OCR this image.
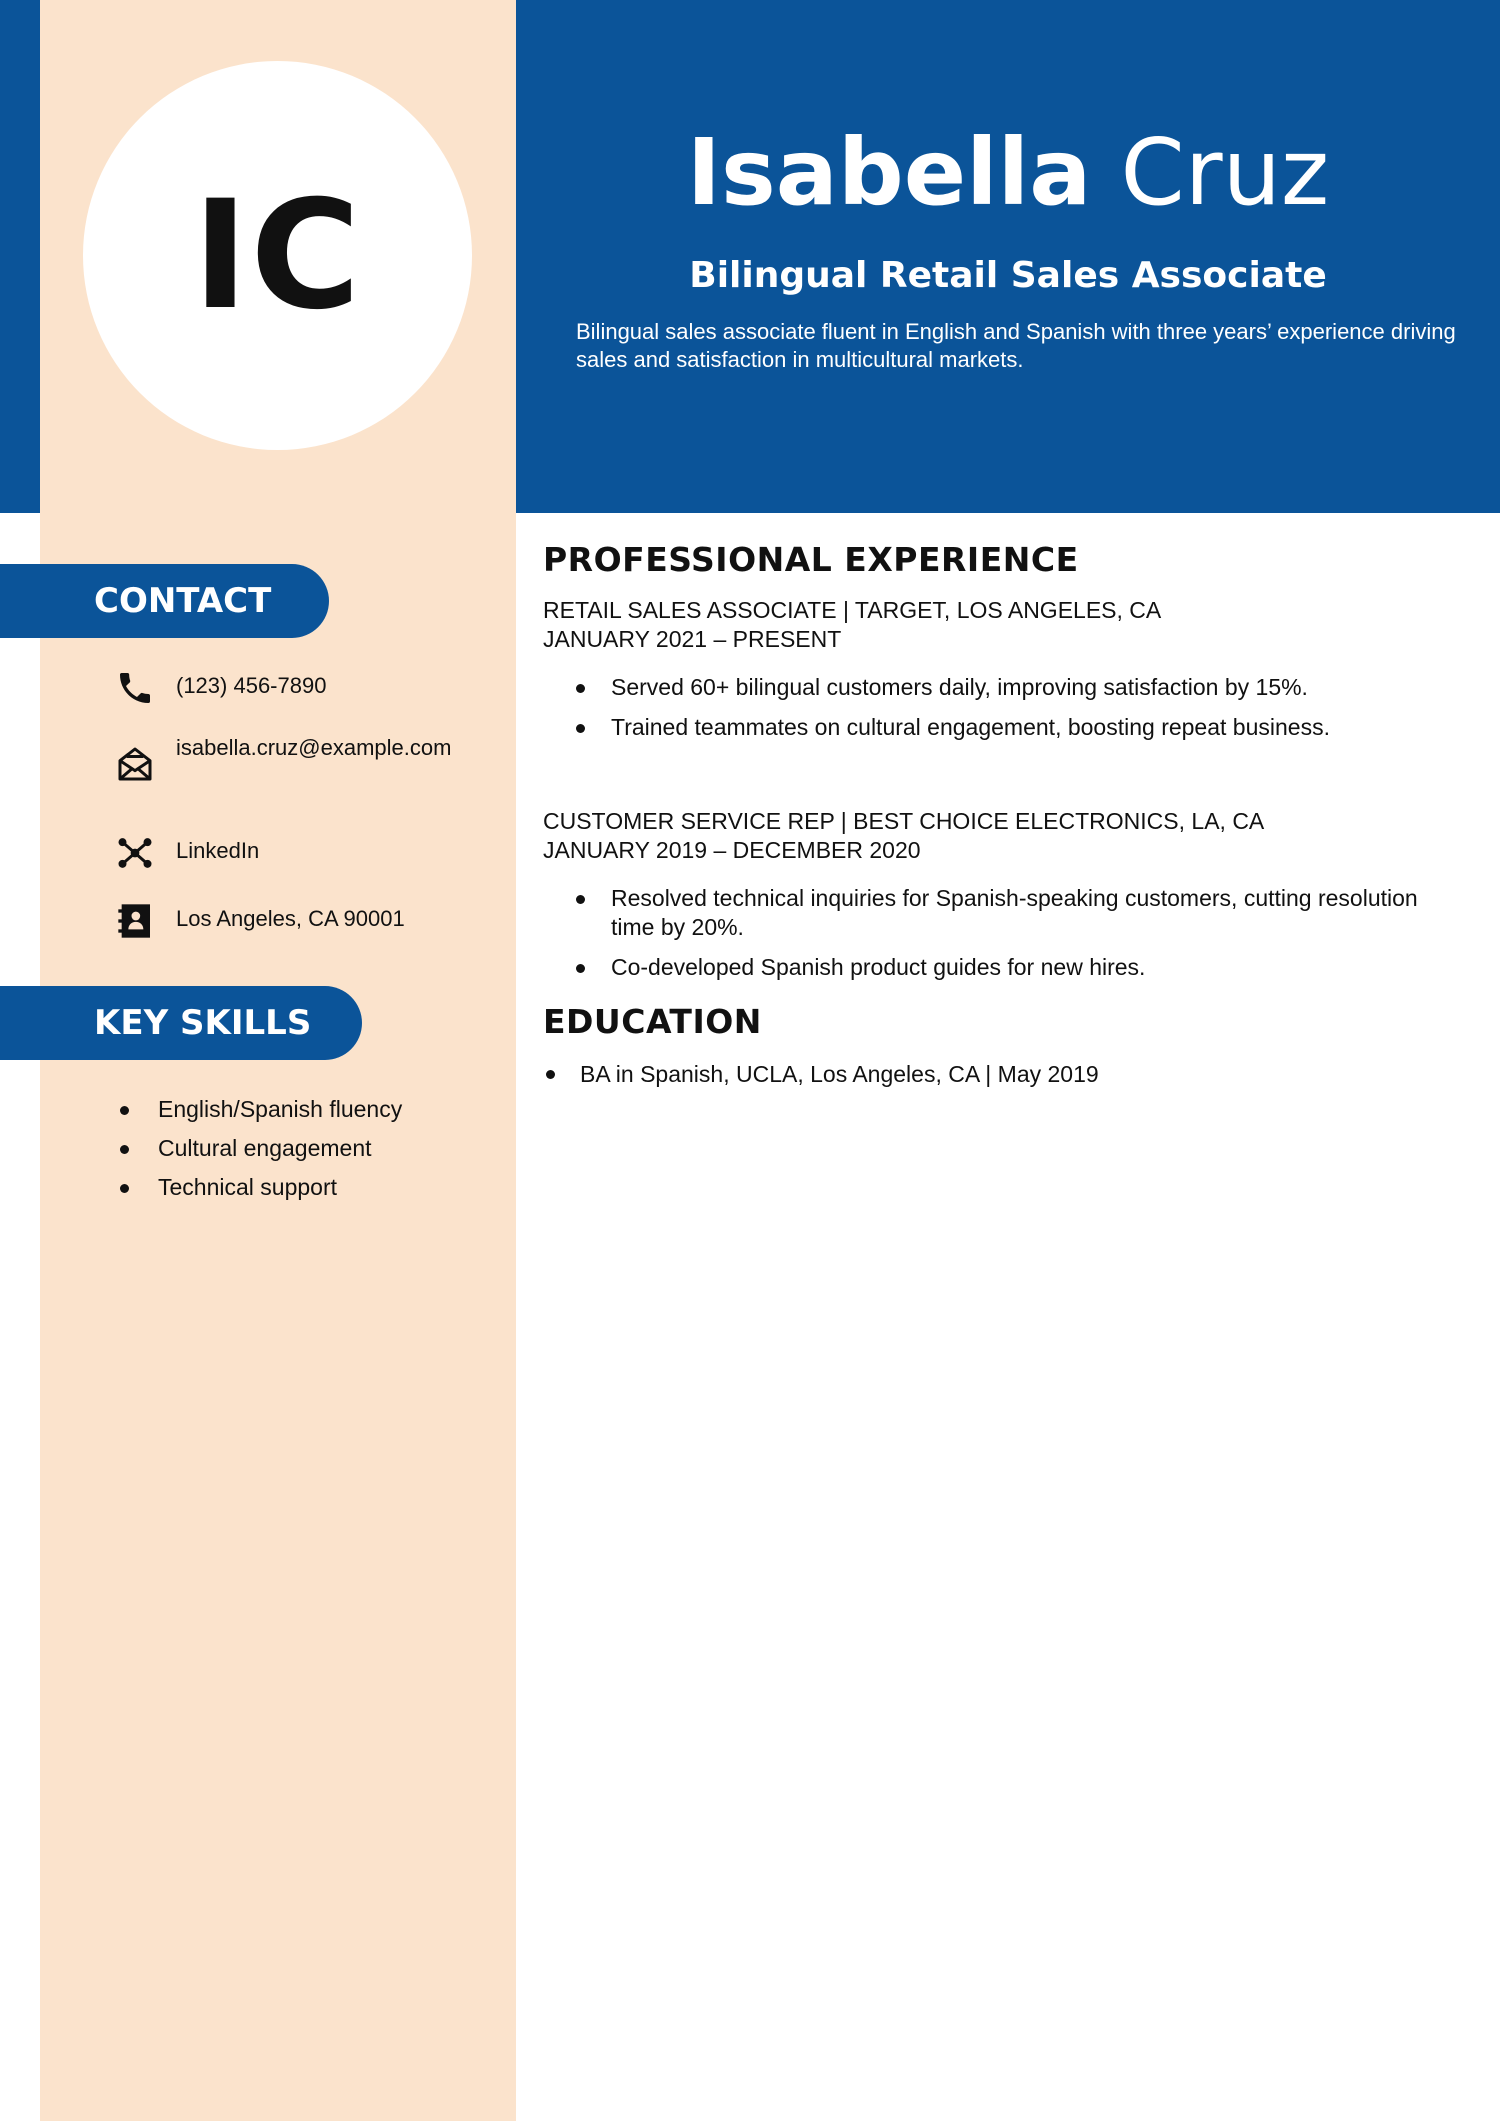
IC	Isabella Cruz
Bilingual Retail Sales Associate
Bilingual sales associate fluent in English and Spanish with three years’ experience driving sales and satisfaction in multicultural markets.
CONTACT
(123) 456-7890
isabella.cruz@example.com
LinkedIn
Los Angeles, CA 90001
KEY SKILLS
English/Spanish fluency
Cultural engagement
Technical support
PROFESSIONAL EXPERIENCE
RETAIL SALES ASSOCIATE | TARGET, LOS ANGELES, CA
JANUARY 2021 – PRESENT
Served 60+ bilingual customers daily, improving satisfaction by 15%.
Trained teammates on cultural engagement, boosting repeat business.
CUSTOMER SERVICE REP | BEST CHOICE ELECTRONICS, LA, CA
JANUARY 2019 – DECEMBER 2020
Resolved technical inquiries for Spanish-speaking customers, cutting resolution time by 20%.
Co-developed Spanish product guides for new hires.
EDUCATION
BA in Spanish, UCLA, Los Angeles, CA | May 2019
